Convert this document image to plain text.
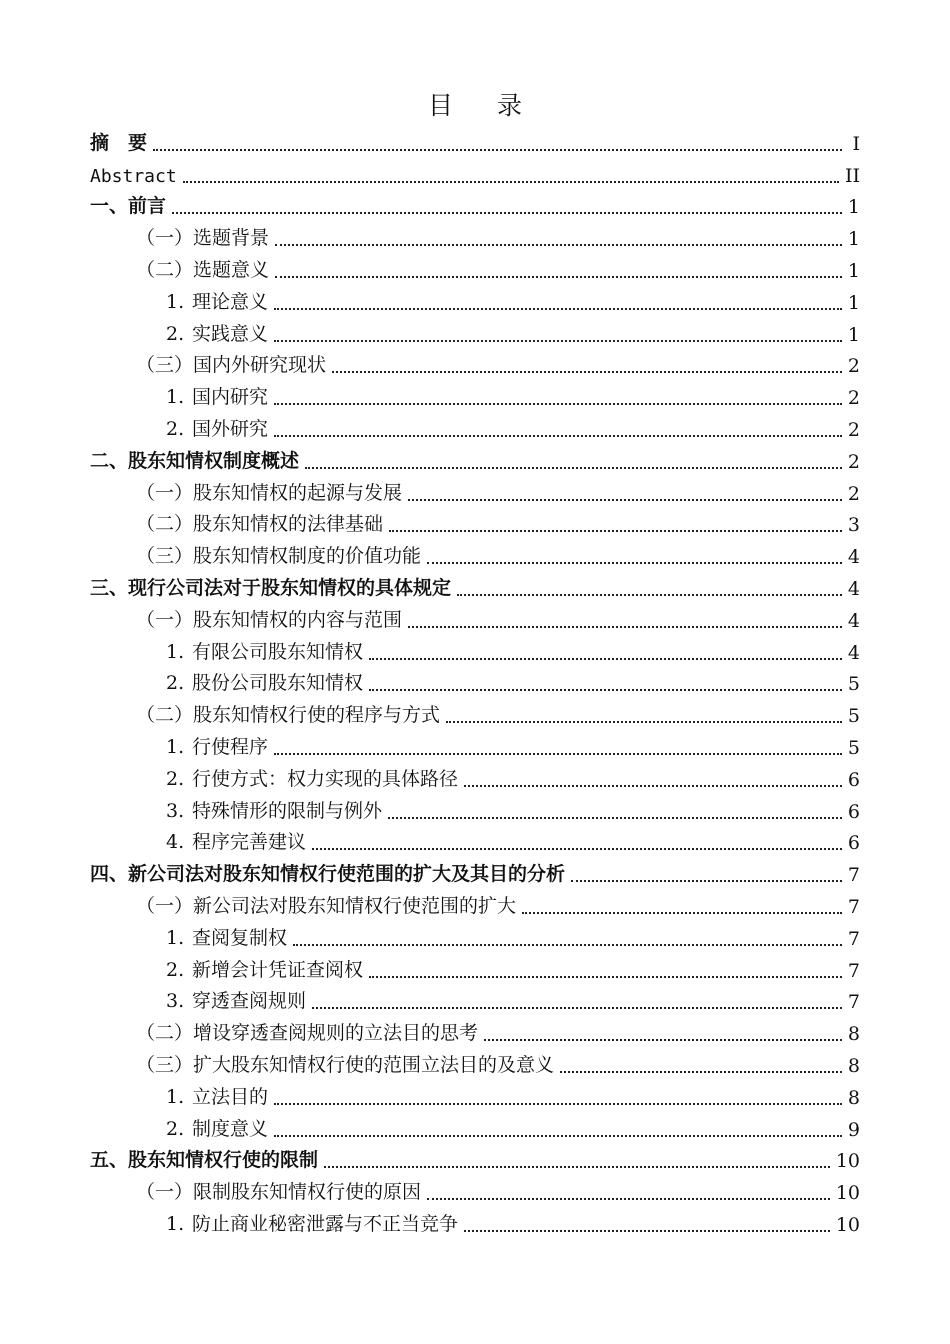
目 录
摘　要	I
Abstract	II
一、前言	1
（一）选题背景	1
（二）选题意义	1
1. 理论意义	1
2. 实践意义	1
（三）国内外研究现状	2
1. 国内研究	2
2. 国外研究	2
二、股东知情权制度概述	2
（一）股东知情权的起源与发展	2
（二）股东知情权的法律基础	3
（三）股东知情权制度的价值功能	4
三、现行公司法对于股东知情权的具体规定	4
（一）股东知情权的内容与范围	4
1. 有限公司股东知情权	4
2. 股份公司股东知情权	5
（二）股东知情权行使的程序与方式	5
1. 行使程序	5
2. 行使方式：权力实现的具体路径	6
3. 特殊情形的限制与例外	6
4. 程序完善建议	6
四、新公司法对股东知情权行使范围的扩大及其目的分析	7
（一）新公司法对股东知情权行使范围的扩大	7
1. 查阅复制权	7
2. 新增会计凭证查阅权	7
3. 穿透查阅规则	7
（二）增设穿透查阅规则的立法目的思考	8
（三）扩大股东知情权行使的范围立法目的及意义	8
1. 立法目的	8
2. 制度意义	9
五、股东知情权行使的限制	10
（一）限制股东知情权行使的原因	10
1. 防止商业秘密泄露与不正当竞争	10
